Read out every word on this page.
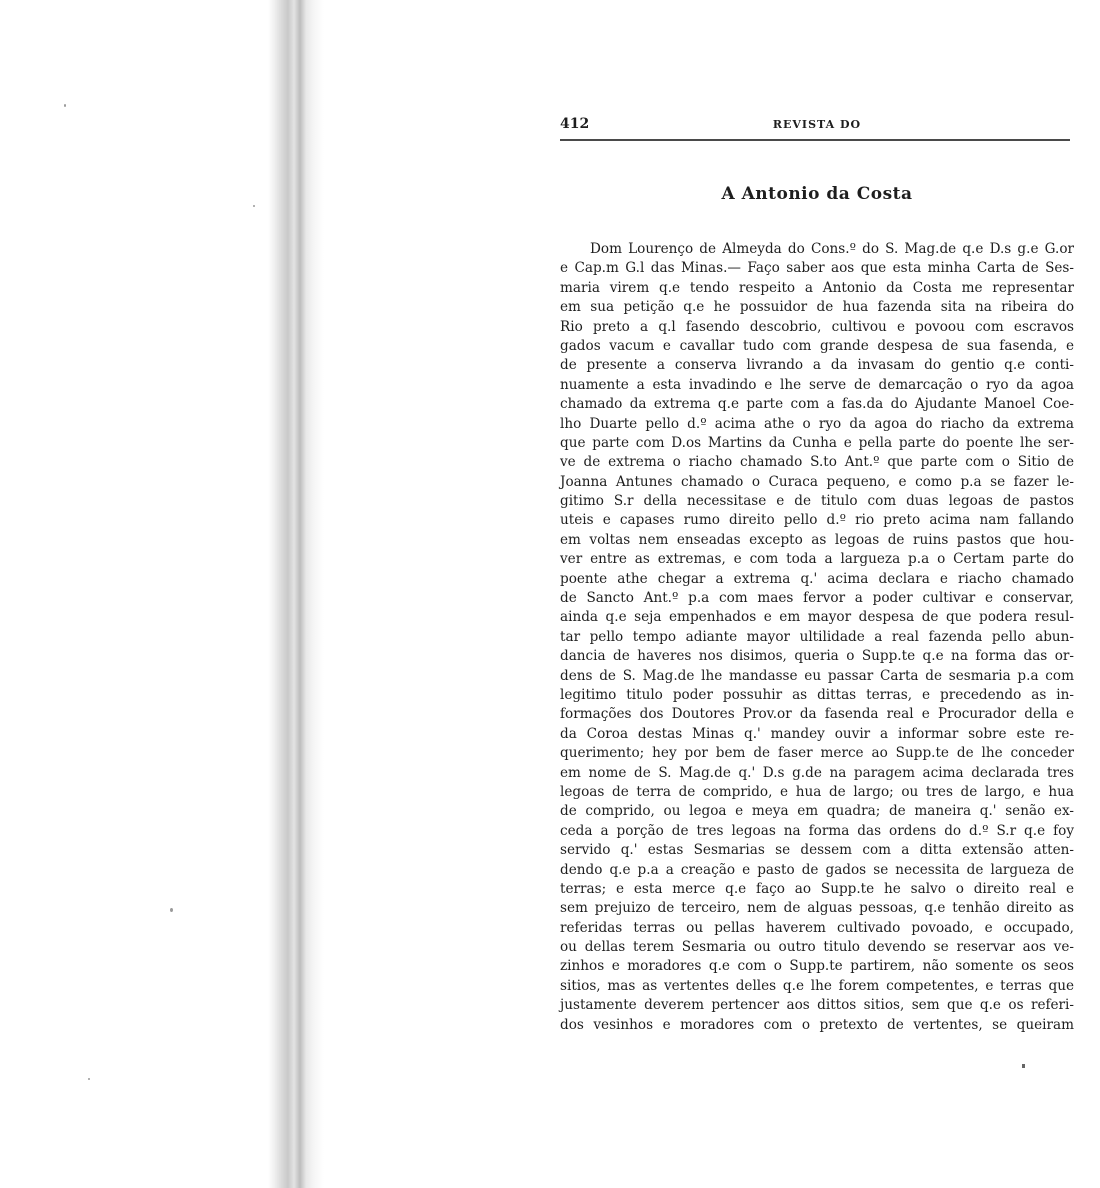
412	REVISTA DO
A Antonio da Costa
Dom Lourenço de Almeyda do Cons.º do S. Mag.de q.e D.s g.e G.or
e Cap.m G.l das Minas.— Faço saber aos que esta minha Carta de Ses-
maria virem q.e tendo respeito a Antonio da Costa me representar
em sua petição q.e he possuidor de hua fazenda sita na ribeira do
Rio preto a q.l fasendo descobrio, cultivou e povoou com escravos
gados vacum e cavallar tudo com grande despesa de sua fasenda, e
de presente a conserva livrando a da invasam do gentio q.e conti-
nuamente a esta invadindo e lhe serve de demarcação o ryo da agoa
chamado da extrema q.e parte com a fas.da do Ajudante Manoel Coe-
lho Duarte pello d.º acima athe o ryo da agoa do riacho da extrema
que parte com D.os Martins da Cunha e pella parte do poente lhe ser-
ve de extrema o riacho chamado S.to Ant.º que parte com o Sitio de
Joanna Antunes chamado o Curaca pequeno, e como p.a se fazer le-
gitimo S.r della necessitase e de titulo com duas legoas de pastos
uteis e capases rumo direito pello d.º rio preto acima nam fallando
em voltas nem enseadas excepto as legoas de ruins pastos que hou-
ver entre as extremas, e com toda a largueza p.a o Certam parte do
poente athe chegar a extrema q.' acima declara e riacho chamado
de Sancto Ant.º p.a com maes fervor a poder cultivar e conservar,
ainda q.e seja empenhados e em mayor despesa de que podera resul-
tar pello tempo adiante mayor ultilidade a real fazenda pello abun-
dancia de haveres nos disimos, queria o Supp.te q.e na forma das or-
dens de S. Mag.de lhe mandasse eu passar Carta de sesmaria p.a com
legitimo titulo poder possuhir as dittas terras, e precedendo as in-
formações dos Doutores Prov.or da fasenda real e Procurador della e
da Coroa destas Minas q.' mandey ouvir a informar sobre este re-
querimento; hey por bem de faser merce ao Supp.te de lhe conceder
em nome de S. Mag.de q.' D.s g.de na paragem acima declarada tres
legoas de terra de comprido, e hua de largo; ou tres de largo, e hua
de comprido, ou legoa e meya em quadra; de maneira q.' senão ex-
ceda a porção de tres legoas na forma das ordens do d.º S.r q.e foy
servido q.' estas Sesmarias se dessem com a ditta extensão atten-
dendo q.e p.a a creação e pasto de gados se necessita de largueza de
terras; e esta merce q.e faço ao Supp.te he salvo o direito real e
sem prejuizo de terceiro, nem de alguas pessoas, q.e tenhão direito as
referidas terras ou pellas haverem cultivado povoado, e occupado,
ou dellas terem Sesmaria ou outro titulo devendo se reservar aos ve-
zinhos e moradores q.e com o Supp.te partirem, não somente os seos
sitios, mas as vertentes delles q.e lhe forem competentes, e terras que
justamente deverem pertencer aos dittos sitios, sem que q.e os referi-
dos vesinhos e moradores com o pretexto de vertentes, se queiram
